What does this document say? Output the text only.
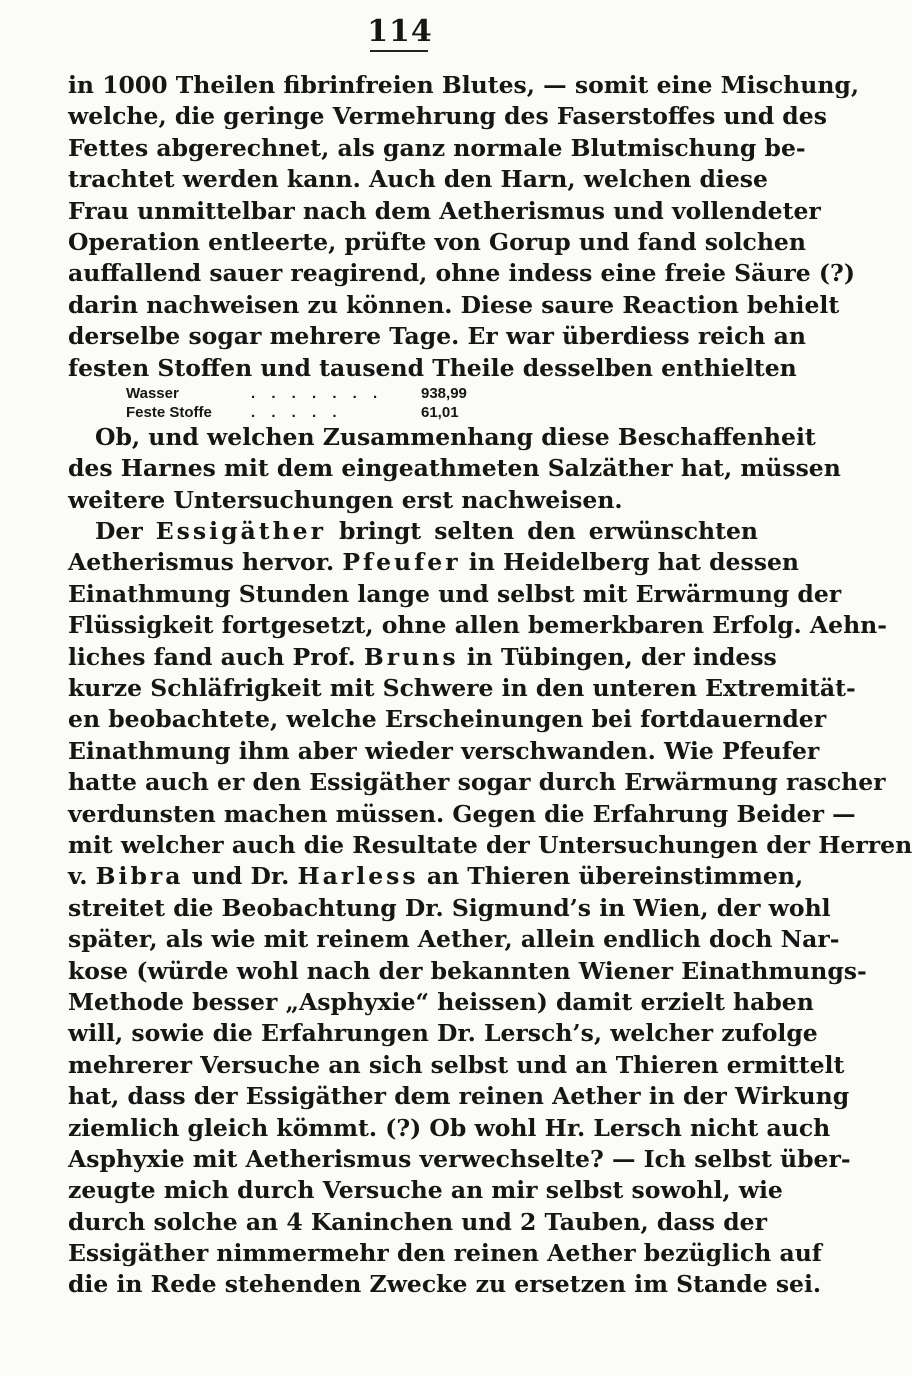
114
in 1000 Theilen fibrinfreien Blutes, — somit eine Mischung,
welche, die geringe Vermehrung des Faserstoffes und des
Fettes abgerechnet, als ganz normale Blutmischung be-
trachtet werden kann. Auch den Harn, welchen diese
Frau unmittelbar nach dem Aetherismus und vollendeter
Operation entleerte, prüfte von Gorup und fand solchen
auffallend sauer reagirend, ohne indess eine freie Säure (?)
darin nachweisen zu können. Diese saure Reaction behielt
derselbe sogar mehrere Tage. Er war überdiess reich an
festen Stoffen und tausend Theile desselben enthielten
Wasser	. . . . . . .	938,99
Feste Stoffe	. . . . .	61,01
Ob, und welchen Zusammenhang diese Beschaffenheit
des Harnes mit dem eingeathmeten Salzäther hat, müssen
weitere Untersuchungen erst nachweisen.
Der Essigäther bringt selten den erwünschten
Aetherismus hervor. Pfeufer in Heidelberg hat dessen
Einathmung Stunden lange und selbst mit Erwärmung der
Flüssigkeit fortgesetzt, ohne allen bemerkbaren Erfolg. Aehn-
liches fand auch Prof. Bruns in Tübingen, der indess
kurze Schläfrigkeit mit Schwere in den unteren Extremität-
en beobachtete, welche Erscheinungen bei fortdauernder
Einathmung ihm aber wieder verschwanden. Wie Pfeufer
hatte auch er den Essigäther sogar durch Erwärmung rascher
verdunsten machen müssen. Gegen die Erfahrung Beider —
mit welcher auch die Resultate der Untersuchungen der Herren
v. Bibra und Dr. Harless an Thieren übereinstimmen,
streitet die Beobachtung Dr. Sigmund’s in Wien, der wohl
später, als wie mit reinem Aether, allein endlich doch Nar-
kose (würde wohl nach der bekannten Wiener Einathmungs-
Methode besser „Asphyxie“ heissen) damit erzielt haben
will, sowie die Erfahrungen Dr. Lersch’s, welcher zufolge
mehrerer Versuche an sich selbst und an Thieren ermittelt
hat, dass der Essigäther dem reinen Aether in der Wirkung
ziemlich gleich kömmt. (?) Ob wohl Hr. Lersch nicht auch
Asphyxie mit Aetherismus verwechselte? — Ich selbst über-
zeugte mich durch Versuche an mir selbst sowohl, wie
durch solche an 4 Kaninchen und 2 Tauben, dass der
Essigäther nimmermehr den reinen Aether bezüglich auf
die in Rede stehenden Zwecke zu ersetzen im Stande sei.
